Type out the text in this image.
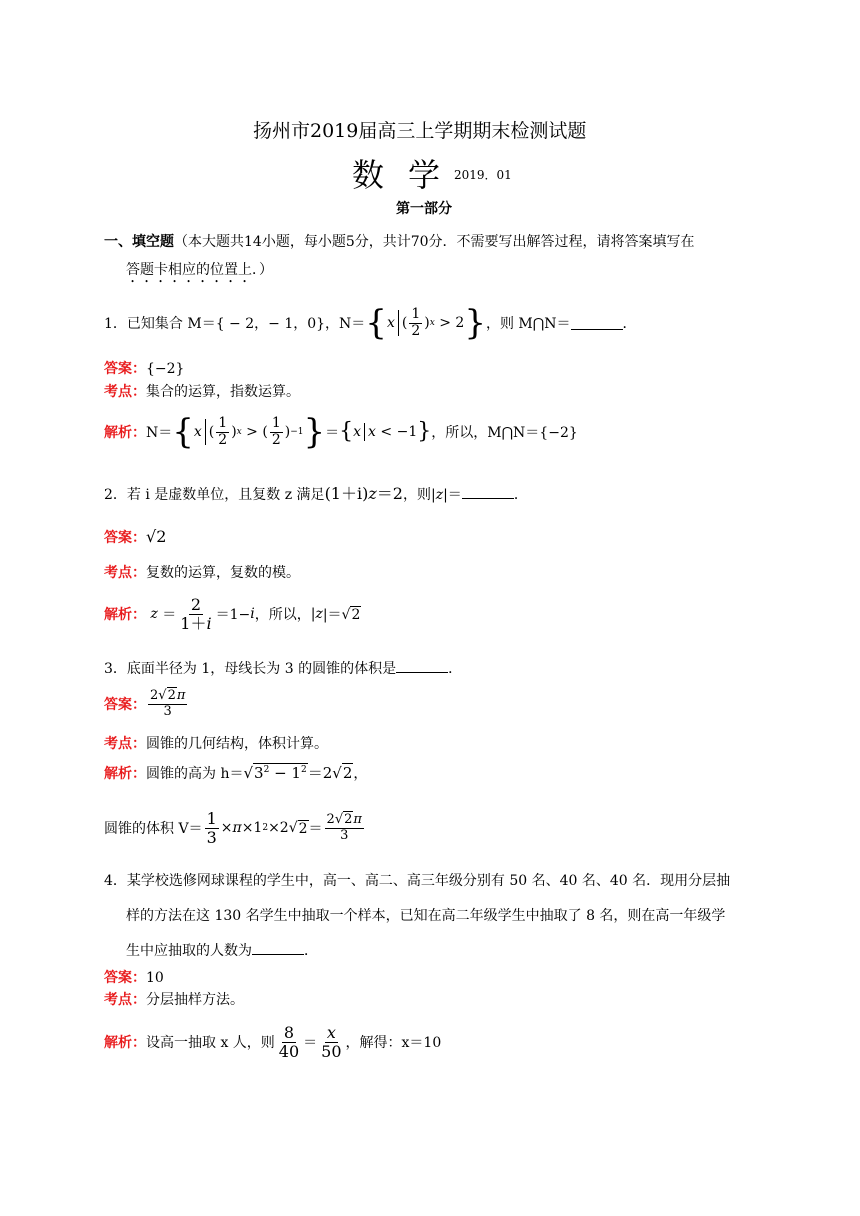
扬州市2019届高三上学期期末检测试题
数学
2019．01
第一部分
一、填空题（本大题共14小题，每小题5分，共计70分．不需要写出解答过程，请将答案填写在
答题卡相应的位置上．）
1．已知集合 M＝{ − 2，− 1，0}，N＝ { x ( $\frac{1}{2}$ ) x > 2 } ，则 M⋂N＝	．
答案：{−2}
考点：集合的运算，指数运算。
解析 ： N＝ { x ( $\frac{1}{2}$ ) x > ( $\frac{1}{2}$ ) −1 } ＝ { x x < −1 } ，所以，M⋂N＝{−2}
2．若 i 是虚数单位，且复数 z 满足(1＋i)z＝2，则|z|＝	．
答案：√2
考点：复数的运算，复数的模。
解析 ： $z = \frac{2}{1+i} =1- i$ ，所以， | z |＝√ 2
3．底面半径为 1，母线长为 3 的圆锥的体积是	．
答案 ： $\frac{2√2\pi}{3}$
考点：圆锥的几何结构，体积计算。
解析：圆锥的高为 $h=√3^2 - 1^2=2√2$，
圆锥的体积 $V= \frac{1}{3} \times \pi \times 1$ 2 ×2√ $2 = \frac{2√2\pi}{3}$
4．某学校选修网球课程的学生中，高一、高二、高三年级分别有 50 名、40 名、40 名．现用分层抽
样的方法在这 130 名学生中抽取一个样本，已知在高二年级学生中抽取了 8 名，则在高一年级学
生中应抽取的人数为	．
答案：10
考点：分层抽样方法。
解析 ： 设高一抽取 x 人，则 $\frac{8}{40} = \frac{x}{50}$ ，解得：x＝10
